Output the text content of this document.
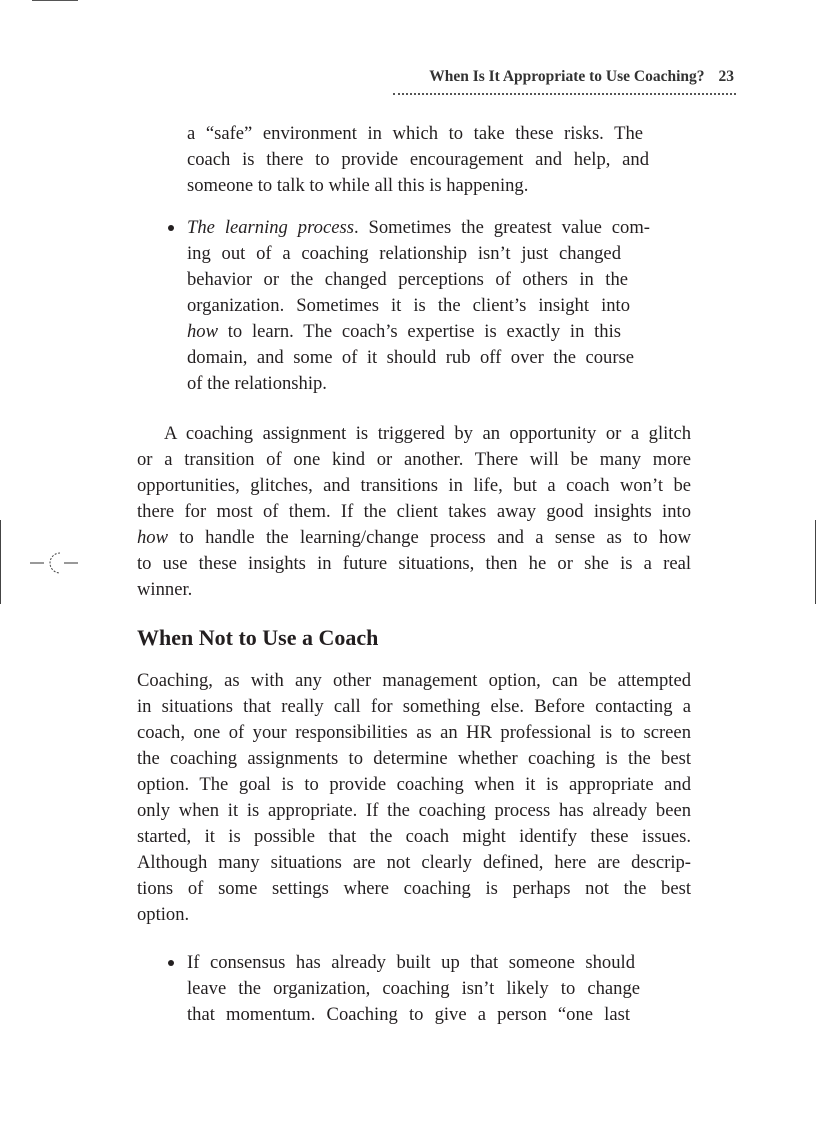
When Is It Appropriate to Use Coaching? 23
a “safe” environment in which to take these risks. The
coach is there to provide encouragement and help, and
someone to talk to while all this is happening.
The learning process. Sometimes the greatest value com-
ing out of a coaching relationship isn’t just changed
behavior or the changed perceptions of others in the
organization. Sometimes it is the client’s insight into
how to learn. The coach’s expertise is exactly in this
domain, and some of it should rub off over the course
of the relationship.
A coaching assignment is triggered by an opportunity or a glitch
or a transition of one kind or another. There will be many more
opportunities, glitches, and transitions in life, but a coach won’t be
there for most of them. If the client takes away good insights into
how to handle the learning/change process and a sense as to how
to use these insights in future situations, then he or she is a real
winner.
When Not to Use a Coach
Coaching, as with any other management option, can be attempted
in situations that really call for something else. Before contacting a
coach, one of your responsibilities as an HR professional is to screen
the coaching assignments to determine whether coaching is the best
option. The goal is to provide coaching when it is appropriate and
only when it is appropriate. If the coaching process has already been
started, it is possible that the coach might identify these issues.
Although many situations are not clearly defined, here are descrip-
tions of some settings where coaching is perhaps not the best
option.
If consensus has already built up that someone should
leave the organization, coaching isn’t likely to change
that momentum. Coaching to give a person “one last
